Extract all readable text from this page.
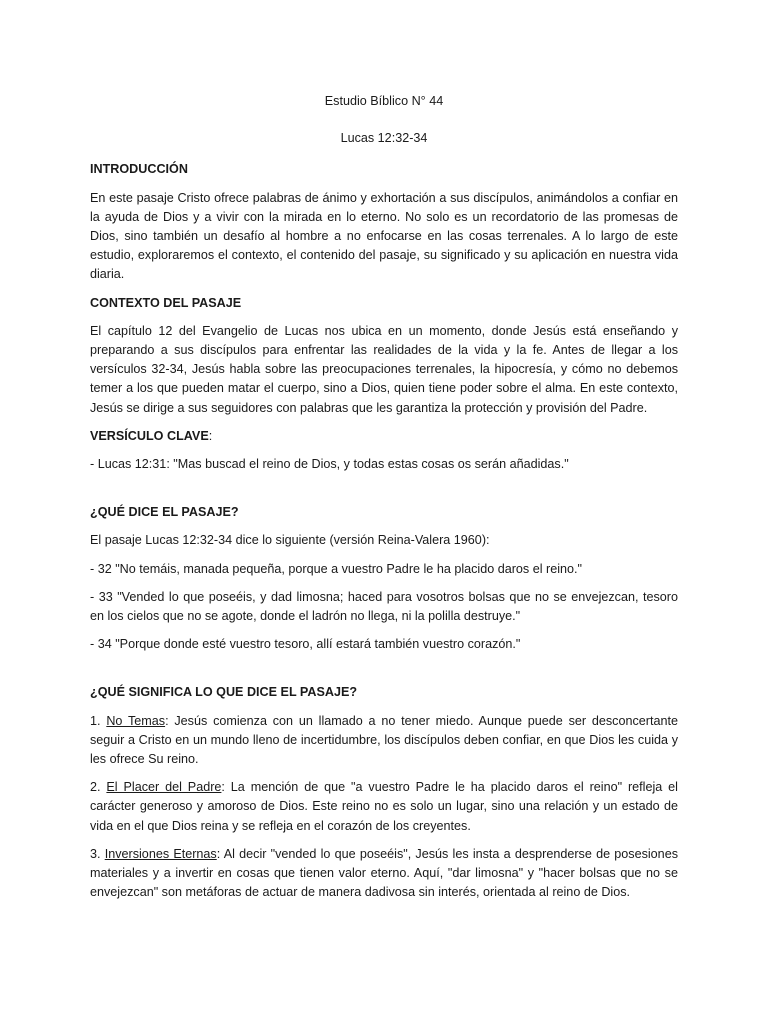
Estudio Bíblico N° 44

Lucas 12:32-34

INTRODUCCIÓN

En este pasaje Cristo ofrece palabras de ánimo y exhortación a sus discípulos, animándolos a confiar en la ayuda de Dios y a vivir con la mirada en lo eterno. No solo es un recordatorio de las promesas de Dios, sino también un desafío al hombre a no enfocarse en las cosas terrenales. A lo largo de este estudio, exploraremos el contexto, el contenido del pasaje, su significado y su aplicación en nuestra vida diaria.

CONTEXTO DEL PASAJE

El capítulo 12 del Evangelio de Lucas nos ubica en un momento, donde Jesús está enseñando y preparando a sus discípulos para enfrentar las realidades de la vida y la fe. Antes de llegar a los versículos 32-34, Jesús habla sobre las preocupaciones terrenales, la hipocresía, y cómo no debemos temer a los que pueden matar el cuerpo, sino a Dios, quien tiene poder sobre el alma. En este contexto, Jesús se dirige a sus seguidores con palabras que les garantiza la protección y provisión del Padre.

VERSÍCULO CLAVE:

- Lucas 12:31: "Mas buscad el reino de Dios, y todas estas cosas os serán añadidas."

¿QUÉ DICE EL PASAJE?

El pasaje Lucas 12:32-34 dice lo siguiente (versión Reina-Valera 1960):

- 32 "No temáis, manada pequeña, porque a vuestro Padre le ha placido daros el reino."

- 33 "Vended lo que poseéis, y dad limosna; haced para vosotros bolsas que no se envejezcan, tesoro en los cielos que no se agote, donde el ladrón no llega, ni la polilla destruye."

- 34 "Porque donde esté vuestro tesoro, allí estará también vuestro corazón."

¿QUÉ SIGNIFICA LO QUE DICE EL PASAJE?

1. No Temas: Jesús comienza con un llamado a no tener miedo. Aunque puede ser desconcertante seguir a Cristo en un mundo lleno de incertidumbre, los discípulos deben confiar, en que Dios les cuida y les ofrece Su reino.

2. El Placer del Padre: La mención de que "a vuestro Padre le ha placido daros el reino" refleja el carácter generoso y amoroso de Dios. Este reino no es solo un lugar, sino una relación y un estado de vida en el que Dios reina y se refleja en el corazón de los creyentes.

3. Inversiones Eternas: Al decir "vended lo que poseéis", Jesús les insta a desprenderse de posesiones materiales y a invertir en cosas que tienen valor eterno. Aquí, "dar limosna" y "hacer bolsas que no se envejezcan" son metáforas de actuar de manera dadivosa sin interés, orientada al reino de Dios.
